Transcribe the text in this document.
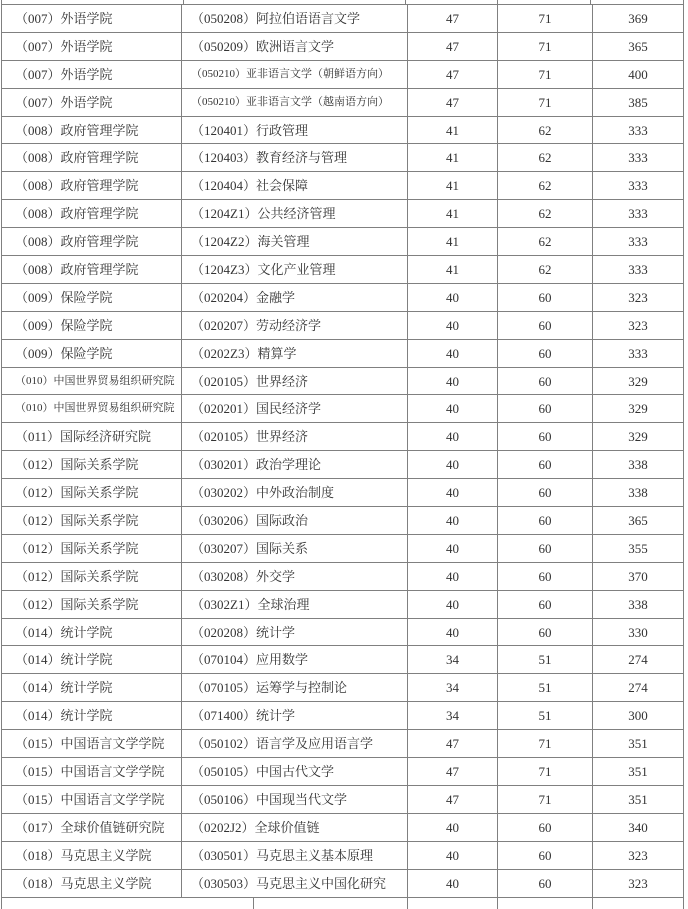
（007）外语学院	（050208）阿拉伯语语言文学	47	71	369
（007）外语学院	（050209）欧洲语言文学	47	71	365
（007）外语学院	（050210）亚非语言文学（朝鲜语方向）	47	71	400
（007）外语学院	（050210）亚非语言文学（越南语方向）	47	71	385
（008）政府管理学院	（120401）行政管理	41	62	333
（008）政府管理学院	（120403）教育经济与管理	41	62	333
（008）政府管理学院	（120404）社会保障	41	62	333
（008）政府管理学院	（1204Z1）公共经济管理	41	62	333
（008）政府管理学院	（1204Z2）海关管理	41	62	333
（008）政府管理学院	（1204Z3）文化产业管理	41	62	333
（009）保险学院	（020204）金融学	40	60	323
（009）保险学院	（020207）劳动经济学	40	60	323
（009）保险学院	（0202Z3）精算学	40	60	333
（010）中国世界贸易组织研究院	（020105）世界经济	40	60	329
（010）中国世界贸易组织研究院	（020201）国民经济学	40	60	329
（011）国际经济研究院	（020105）世界经济	40	60	329
（012）国际关系学院	（030201）政治学理论	40	60	338
（012）国际关系学院	（030202）中外政治制度	40	60	338
（012）国际关系学院	（030206）国际政治	40	60	365
（012）国际关系学院	（030207）国际关系	40	60	355
（012）国际关系学院	（030208）外交学	40	60	370
（012）国际关系学院	（0302Z1）全球治理	40	60	338
（014）统计学院	（020208）统计学	40	60	330
（014）统计学院	（070104）应用数学	34	51	274
（014）统计学院	（070105）运筹学与控制论	34	51	274
（014）统计学院	（071400）统计学	34	51	300
（015）中国语言文学学院	（050102）语言学及应用语言学	47	71	351
（015）中国语言文学学院	（050105）中国古代文学	47	71	351
（015）中国语言文学学院	（050106）中国现当代文学	47	71	351
（017）全球价值链研究院	（0202J2）全球价值链	40	60	340
（018）马克思主义学院	（030501）马克思主义基本原理	40	60	323
（018）马克思主义学院	（030503）马克思主义中国化研究	40	60	323
